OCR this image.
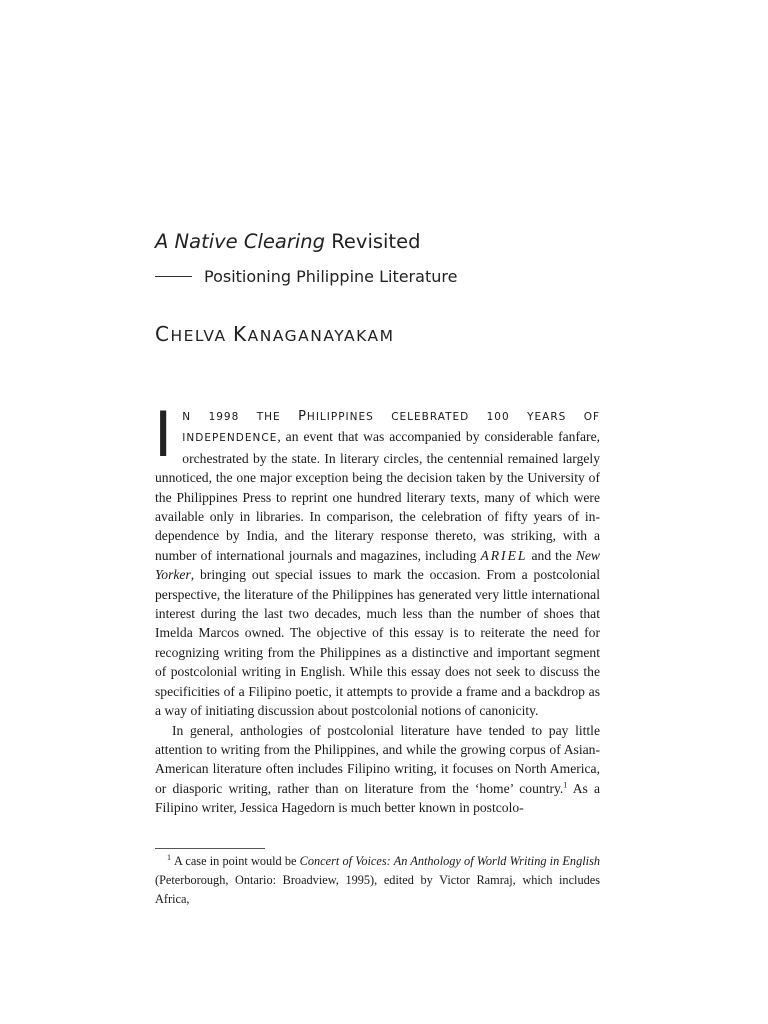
A Native Clearing Revisited
Positioning Philippine Literature
CHELVA KANAGANAYAKAM

I N 1998 THE PHILIPPINES CELEBRATED 100 YEARS OF INDEPENDENCE, an event that was accompanied by considerable fanfare, orchestrated by the state. In literary circles, the centennial remained largely unnoticed, the one major exception being the decision taken by the University of the Philippines Press to reprint one hundred literary texts, many of which were available only in libraries. In comparison, the celebration of fifty years of independence by India, and the literary response thereto, was striking, with a number of international journals and magazines, including ARIEL and the New Yorker, bringing out special issues to mark the occasion. From a postcolonial perspective, the literature of the Philippines has generated very little international interest during the last two decades, much less than the number of shoes that Imelda Marcos owned. The objective of this essay is to reiterate the need for recognizing writing from the Philippines as a distinctive and important segment of postcolonial writing in English. While this essay does not seek to discuss the specificities of a Filipino poetic, it attempts to provide a frame and a backdrop as a way of initiating discussion about postcolonial notions of canonicity.

In general, anthologies of postcolonial literature have tended to pay little attention to writing from the Philippines, and while the growing corpus of Asian-American literature often includes Filipino writing, it focuses on North America, or diasporic writing, rather than on literature from the ‘home’ country.$^1$ As a Filipino writer, Jessica Hagedorn is much better known in postcolo-

$^1$ A case in point would be Concert of Voices: An Anthology of World Writing in English (Peterborough, Ontario: Broadview, 1995), edited by Victor Ramraj, which includes Africa,
